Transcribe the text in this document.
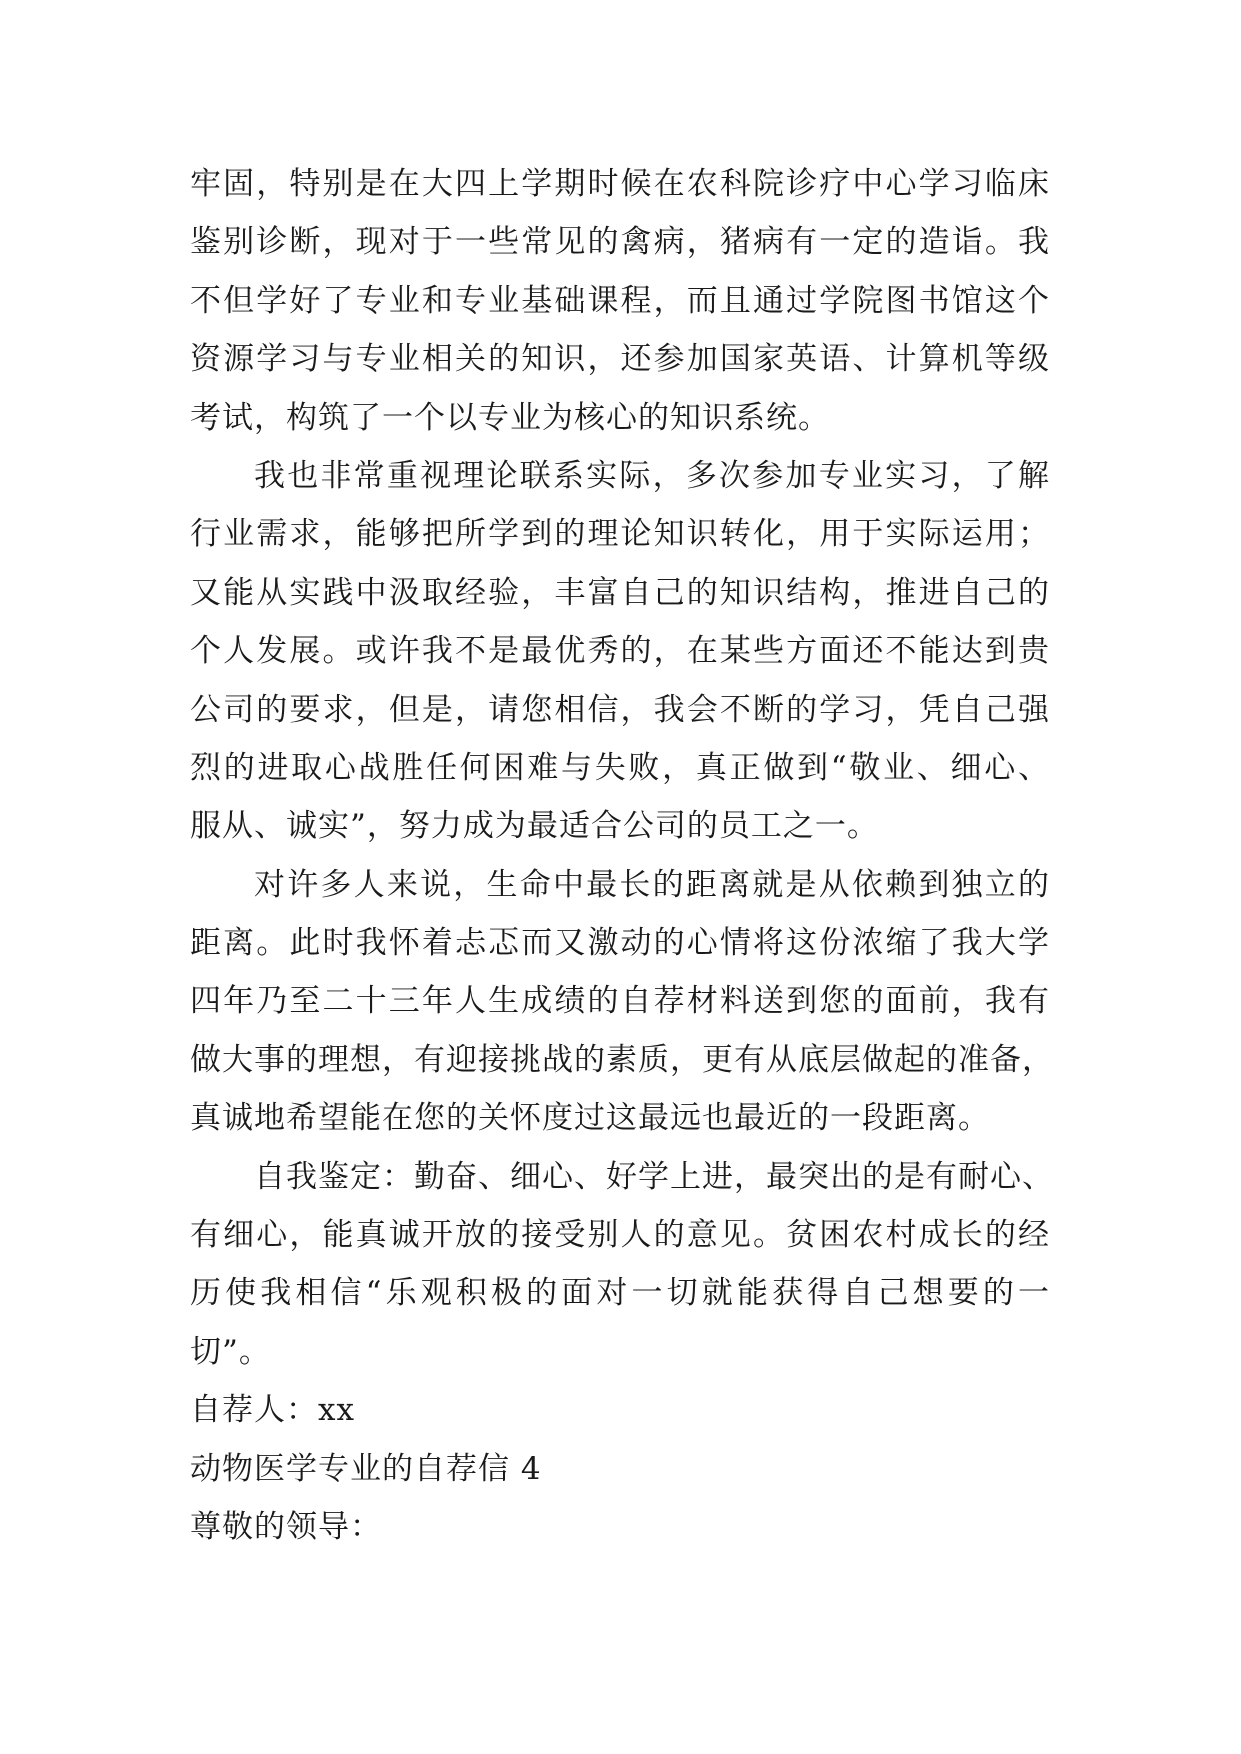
牢固，特别是在大四上学期时候在农科院诊疗中心学习临床
鉴别诊断，现对于一些常见的禽病，猪病有一定的造诣。我
不但学好了专业和专业基础课程，而且通过学院图书馆这个
资源学习与专业相关的知识，还参加国家英语、计算机等级
考试，构筑了一个以专业为核心的知识系统。
我也非常重视理论联系实际，多次参加专业实习，了解
行业需求，能够把所学到的理论知识转化，用于实际运用；
又能从实践中汲取经验，丰富自己的知识结构，推进自己的
个人发展。或许我不是最优秀的，在某些方面还不能达到贵
公司的要求，但是，请您相信，我会不断的学习，凭自己强
烈的进取心战胜任何困难与失败，真正做到“敬业、细心、
服从、诚实”，努力成为最适合公司的员工之一。
对许多人来说，生命中最长的距离就是从依赖到独立的
距离。此时我怀着忐忑而又激动的心情将这份浓缩了我大学
四年乃至二十三年人生成绩的自荐材料送到您的面前，我有
做大事的理想，有迎接挑战的素质，更有从底层做起的准备，
真诚地希望能在您的关怀度过这最远也最近的一段距离。
自我鉴定：勤奋、细心、好学上进，最突出的是有耐心、
有细心，能真诚开放的接受别人的意见。贫困农村成长的经
历使我相信“乐观积极的面对一切就能获得自己想要的一
切”。
自荐人：xx
动物医学专业的自荐信 4
尊敬的领导：
